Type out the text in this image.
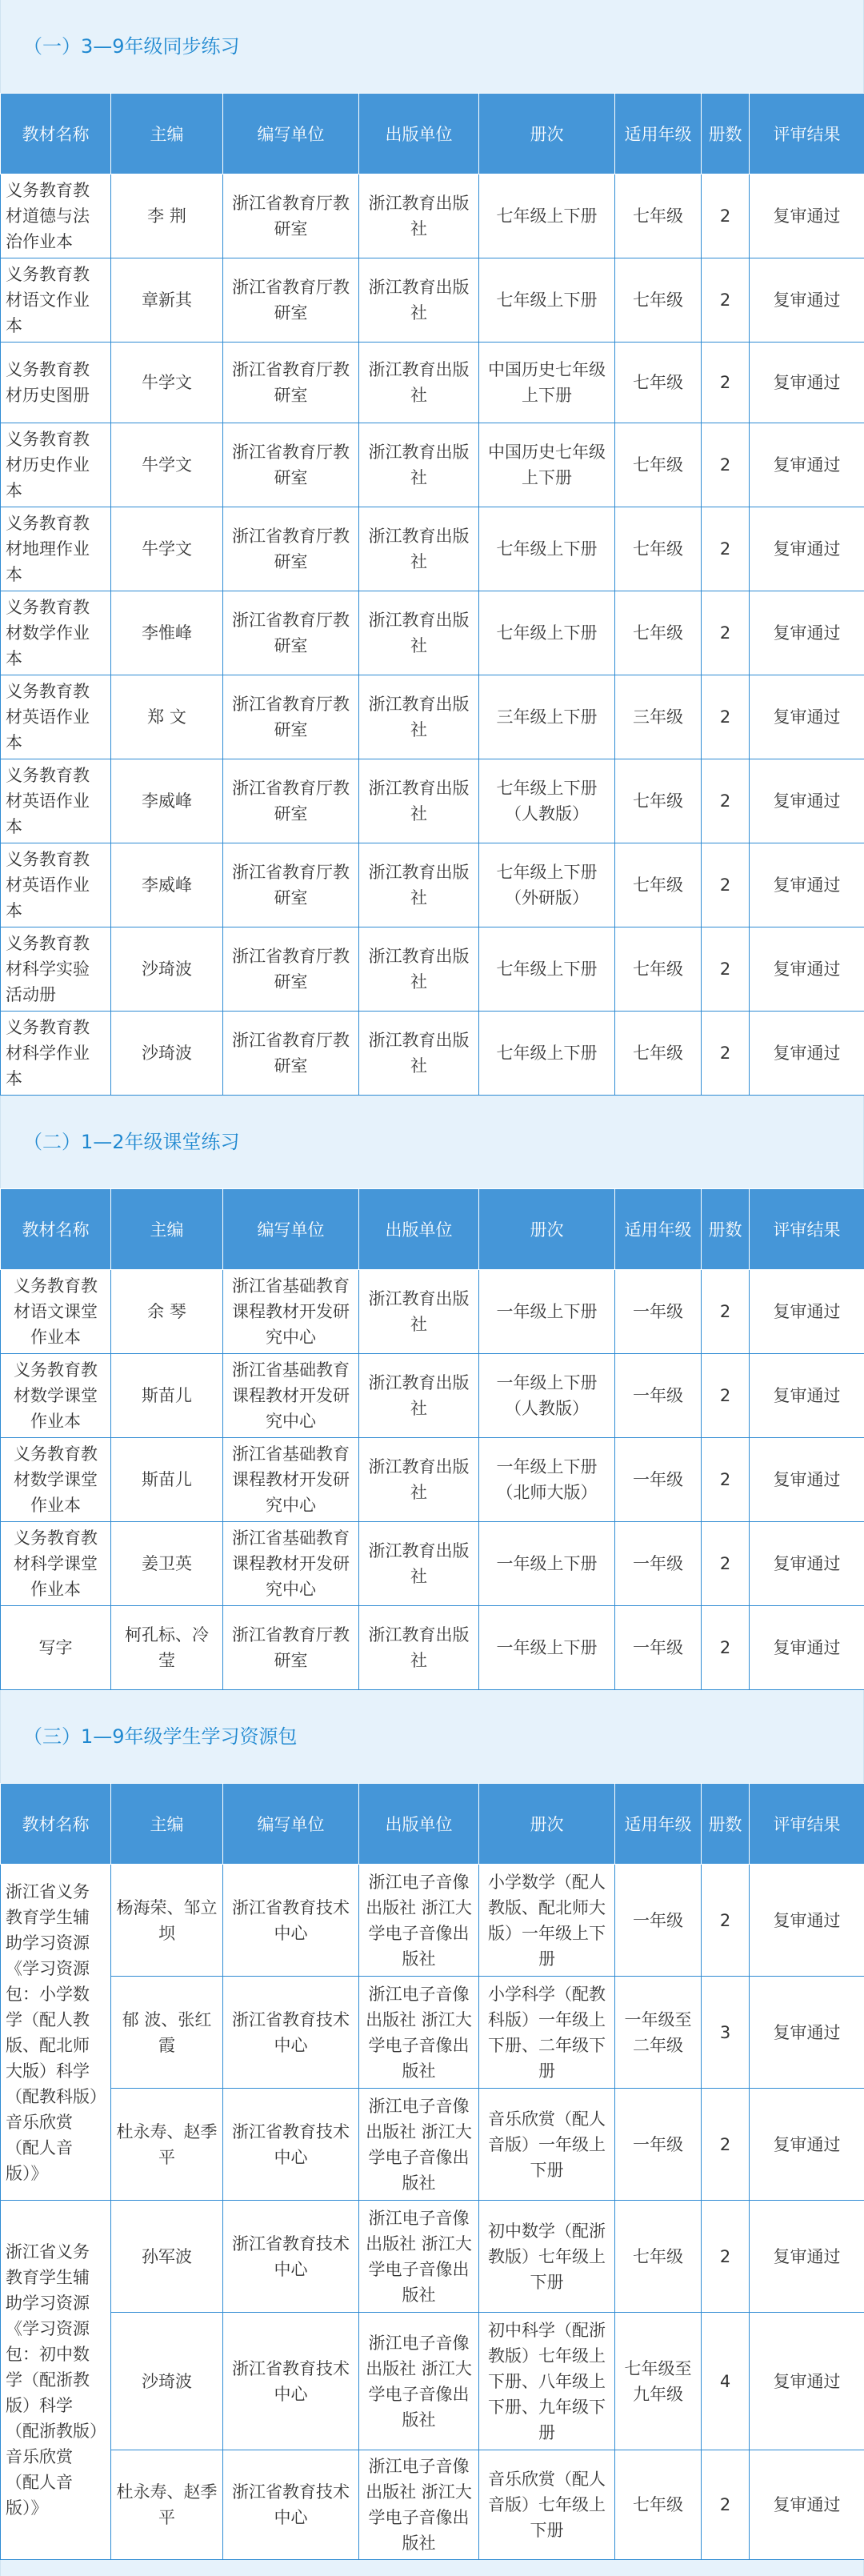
（一）3—9年级同步练习
教材名称	主编	编写单位	出版单位	册次	适用年级	册数	评审结果
义务教育教材道德与法治作业本	李 荆	浙江省教育厅教研室	浙江教育出版社	七年级上下册	七年级	2	复审通过
义务教育教材语文作业本	章新其	浙江省教育厅教研室	浙江教育出版社	七年级上下册	七年级	2	复审通过
义务教育教材历史图册	牛学文	浙江省教育厅教研室	浙江教育出版社	中国历史七年级上下册	七年级	2	复审通过
义务教育教材历史作业本	牛学文	浙江省教育厅教研室	浙江教育出版社	中国历史七年级上下册	七年级	2	复审通过
义务教育教材地理作业本	牛学文	浙江省教育厅教研室	浙江教育出版社	七年级上下册	七年级	2	复审通过
义务教育教材数学作业本	李惟峰	浙江省教育厅教研室	浙江教育出版社	七年级上下册	七年级	2	复审通过
义务教育教材英语作业本	郑 文	浙江省教育厅教研室	浙江教育出版社	三年级上下册	三年级	2	复审通过
义务教育教材英语作业本	李威峰	浙江省教育厅教研室	浙江教育出版社	七年级上下册（人教版）	七年级	2	复审通过
义务教育教材英语作业本	李威峰	浙江省教育厅教研室	浙江教育出版社	七年级上下册（外研版）	七年级	2	复审通过
义务教育教材科学实验活动册	沙琦波	浙江省教育厅教研室	浙江教育出版社	七年级上下册	七年级	2	复审通过
义务教育教材科学作业本	沙琦波	浙江省教育厅教研室	浙江教育出版社	七年级上下册	七年级	2	复审通过
（二）1—2年级课堂练习
教材名称	主编	编写单位	出版单位	册次	适用年级	册数	评审结果
义务教育教材语文课堂作业本	余 琴	浙江省基础教育课程教材开发研究中心	浙江教育出版社	一年级上下册	一年级	2	复审通过
义务教育教材数学课堂作业本	斯苗儿	浙江省基础教育课程教材开发研究中心	浙江教育出版社	一年级上下册（人教版）	一年级	2	复审通过
义务教育教材数学课堂作业本	斯苗儿	浙江省基础教育课程教材开发研究中心	浙江教育出版社	一年级上下册（北师大版）	一年级	2	复审通过
义务教育教材科学课堂作业本	姜卫英	浙江省基础教育课程教材开发研究中心	浙江教育出版社	一年级上下册	一年级	2	复审通过
写字	柯孔标、冷 莹	浙江省教育厅教研室	浙江教育出版社	一年级上下册	一年级	2	复审通过
（三）1—9年级学生学习资源包
教材名称	主编	编写单位	出版单位	册次	适用年级	册数	评审结果
浙江省义务教育学生辅助学习资源《学习资源包：小学数学（配人教版、配北师大版）科学（配教科版）音乐欣赏（配人音版）》	杨海荣、邹立坝	浙江省教育技术中心	浙江电子音像出版社 浙江大学电子音像出版社	小学数学（配人教版、配北师大版）一年级上下册	一年级	2	复审通过
	郁 波、张红霞	浙江省教育技术中心	浙江电子音像出版社 浙江大学电子音像出版社	小学科学（配教科版）一年级上下册、二年级下册	一年级至二年级	3	复审通过
	杜永寿、赵季平	浙江省教育技术中心	浙江电子音像出版社 浙江大学电子音像出版社	音乐欣赏（配人音版）一年级上下册	一年级	2	复审通过
浙江省义务教育学生辅助学习资源《学习资源包：初中数学（配浙教版）科学（配浙教版）音乐欣赏（配人音版）》	孙军波	浙江省教育技术中心	浙江电子音像出版社 浙江大学电子音像出版社	初中数学（配浙教版）七年级上下册	七年级	2	复审通过
	沙琦波	浙江省教育技术中心	浙江电子音像出版社 浙江大学电子音像出版社	初中科学（配浙教版）七年级上下册、八年级上下册、九年级下册	七年级至九年级	4	复审通过
	杜永寿、赵季平	浙江省教育技术中心	浙江电子音像出版社 浙江大学电子音像出版社	音乐欣赏（配人音版）七年级上下册	七年级	2	复审通过
